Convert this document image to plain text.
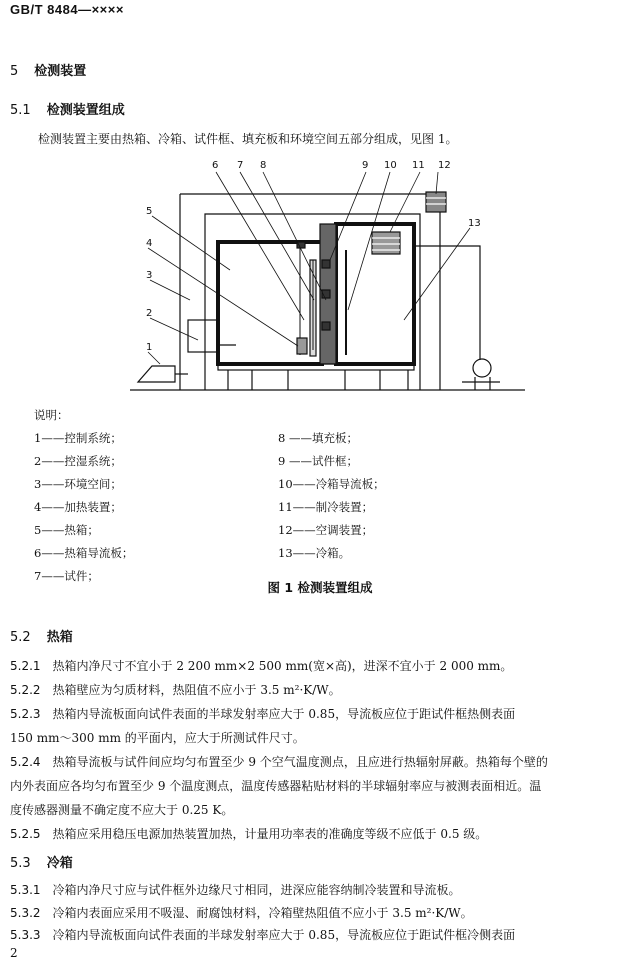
GB/T 8484—××××
5 检测装置
5.1 检测装置组成
检测装置主要由热箱、冷箱、试件框、填充板和环境空间五部分组成，见图 1。
6 7 8	9 10 11 12
13
5
4
3
2
1
说明：
1——控制系统；
2——控湿系统；
3——环境空间；
4——加热装置；
5——热箱；
6——热箱导流板；
7——试件；
8 ——填充板；
9 ——试件框；
10——冷箱导流板；
11——制冷装置；
12——空调装置；
13——冷箱。
图 1 检测装置组成
5.2 热箱
5.2.1 热箱内净尺寸不宜小于 2 200 mm×2 500 mm(宽×高)，进深不宜小于 2 000 mm。
5.2.2 热箱壁应为匀质材料，热阻值不应小于 3.5 m²·K/W。
5.2.3 热箱内导流板面向试件表面的半球发射率应大于 0.85，导流板应位于距试件框热侧表面
150 mm～300 mm 的平面内，应大于所测试件尺寸。
5.2.4 热箱导流板与试件间应均匀布置至少 9 个空气温度测点，且应进行热辐射屏蔽。热箱每个壁的
内外表面应各均匀布置至少 9 个温度测点，温度传感器粘贴材料的半球辐射率应与被测表面相近。温
度传感器测量不确定度不应大于 0.25 K。
5.2.5 热箱应采用稳压电源加热装置加热，计量用功率表的准确度等级不应低于 0.5 级。
5.3 冷箱
5.3.1 冷箱内净尺寸应与试件框外边缘尺寸相同，进深应能容纳制冷装置和导流板。
5.3.2 冷箱内表面应采用不吸湿、耐腐蚀材料，冷箱壁热阻值不应小于 3.5 m²·K/W。
5.3.3 冷箱内导流板面向试件表面的半球发射率应大于 0.85，导流板应位于距试件框冷侧表面
2
